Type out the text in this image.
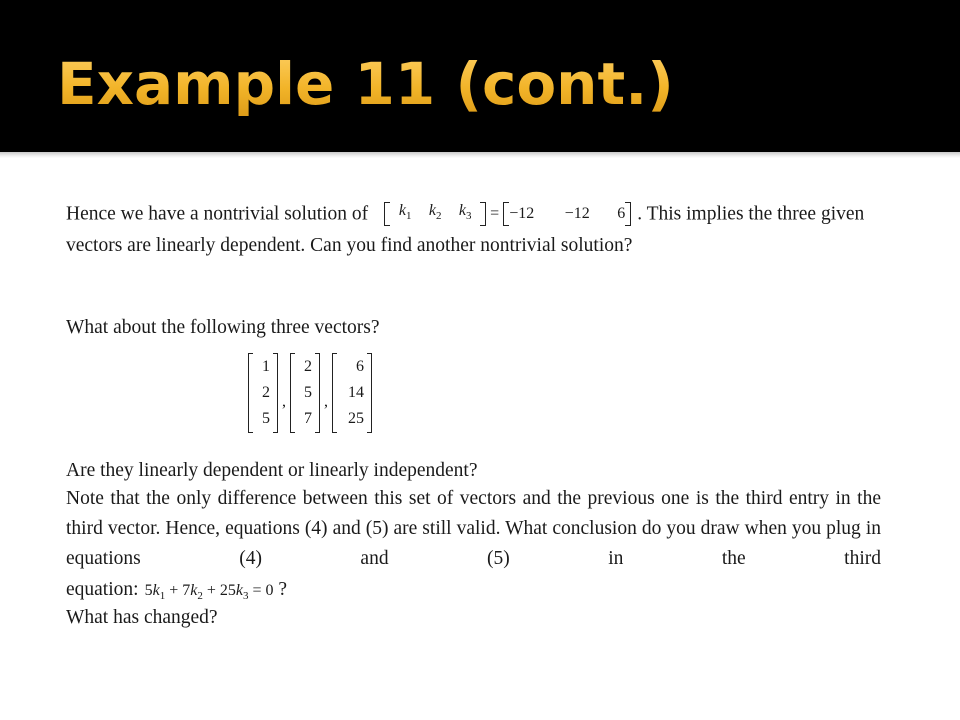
Example 11 (cont.)

Hence we have a nontrivial solution of	$k_1$	$k_2$	$k_3$	= −12	−12	6 . This implies the three given vectors are linearly dependent. Can you find another nontrivial solution?

What about the following three vectors?

1
2
5
,
2
5
7
,
6
14
25

Are they linearly dependent or linearly independent?

Note that the only difference between this set of vectors and the previous one is the third entry in the third vector. Hence, equations (4) and (5) are still valid. What conclusion do you draw when you plug in equations (4) and (5) in the third

equation: $5k_1 + 7k_2 + 25k_3 = 0$ ?

What has changed?
